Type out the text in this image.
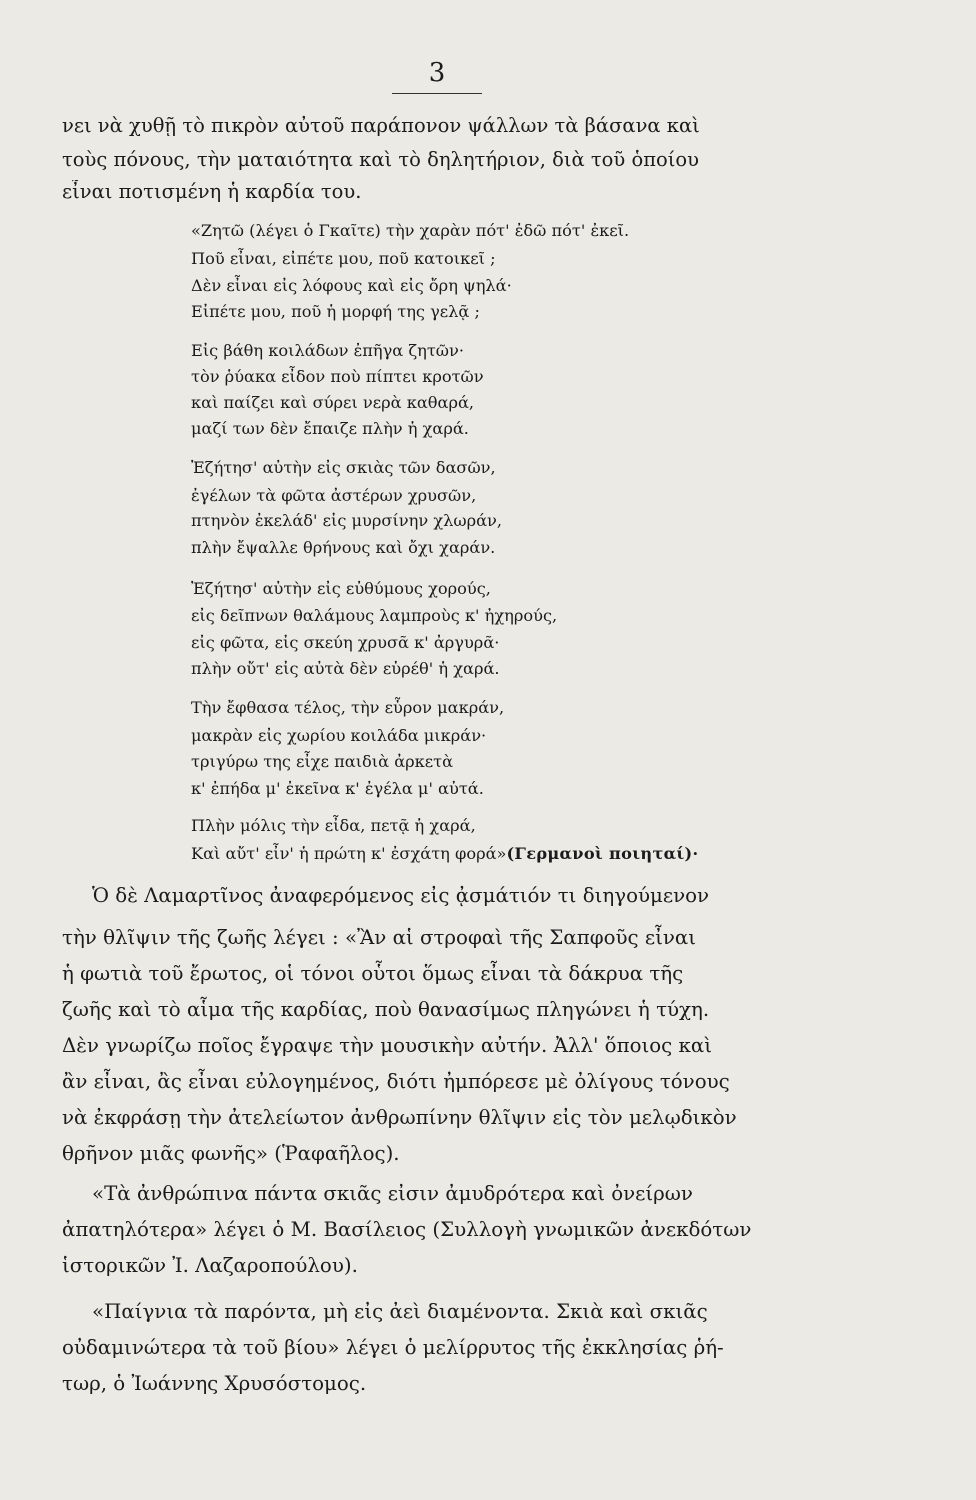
3
νει νὰ χυθῇ τὸ πικρὸν αὐτοῦ παράπονον ψάλλων τὰ βάσανα καὶ
τοὺς πόνους, τὴν ματαιότητα καὶ τὸ δηλητήριον, διὰ τοῦ ὁποίου
εἶναι ποτισμένη ἡ καρδία του.
«Ζητῶ (λέγει ὁ Γκαῖτε) τὴν χαρὰν πότ' ἐδῶ πότ' ἐκεῖ.
Ποῦ εἶναι, εἰπέτε μου, ποῦ κατοικεῖ ;
Δὲν εἶναι εἰς λόφους καὶ εἰς ὄρη ψηλά·
Εἰπέτε μου, ποῦ ἡ μορφή της γελᾷ ;
Εἰς βάθη κοιλάδων ἐπῆγα ζητῶν·
τὸν ῥύακα εἶδον ποὺ πίπτει κροτῶν
καὶ παίζει καὶ σύρει νερὰ καθαρά,
μαζί των δὲν ἔπαιζε πλὴν ἡ χαρά.
Ἐζήτησ' αὐτὴν εἰς σκιὰς τῶν δασῶν,
ἐγέλων τὰ φῶτα ἀστέρων χρυσῶν,
πτηνὸν ἐκελάδ' εἰς μυρσίνην χλωράν,
πλὴν ἔψαλλε θρήνους καὶ ὄχι χαράν.
Ἐζήτησ' αὐτὴν εἰς εὐθύμους χορούς,
εἰς δεῖπνων θαλάμους λαμπροὺς κ' ἠχηρούς,
εἰς φῶτα, εἰς σκεύη χρυσᾶ κ' ἀργυρᾶ·
πλὴν οὔτ' εἰς αὐτὰ δὲν εὑρέθ' ἡ χαρά.
Τὴν ἔφθασα τέλος, τὴν εὗρον μακράν,
μακρὰν εἰς χωρίου κοιλάδα μικράν·
τριγύρω της εἶχε παιδιὰ ἀρκετὰ
κ' ἐπήδα μ' ἐκεῖνα κ' ἐγέλα μ' αὐτά.
Πλὴν μόλις τὴν εἶδα, πετᾷ ἡ χαρά,
Καὶ αὔτ' εἶν' ἡ πρώτη κ' ἐσχάτη φορά»(Γερμανοὶ ποιηταί)·
Ὁ δὲ Λαμαρτῖνος ἀναφερόμενος εἰς ᾀσμάτιόν τι διηγούμενον
τὴν θλῖψιν τῆς ζωῆς λέγει : «Ἂν αἱ στροφαὶ τῆς Σαπφοῦς εἶναι
ἡ φωτιὰ τοῦ ἔρωτος, οἱ τόνοι οὗτοι ὅμως εἶναι τὰ δάκρυα τῆς
ζωῆς καὶ τὸ αἷμα τῆς καρδίας, ποὺ θανασίμως πληγώνει ἡ τύχη.
Δὲν γνωρίζω ποῖος ἔγραψε τὴν μουσικὴν αὐτήν. Ἀλλ' ὅποιος καὶ
ἂν εἶναι, ἂς εἶναι εὐλογημένος, διότι ἠμπόρεσε μὲ ὀλίγους τόνους
νὰ ἐκφράσῃ τὴν ἀτελείωτον ἀνθρωπίνην θλῖψιν εἰς τὸν μελῳδικὸν
θρῆνον μιᾶς φωνῆς» (Ῥαφαῆλος).
«Τὰ ἀνθρώπινα πάντα σκιᾶς εἰσιν ἀμυδρότερα καὶ ὀνείρων
ἀπατηλότερα» λέγει ὁ Μ. Βασίλειος (Συλλογὴ γνωμικῶν ἀνεκδότων
ἱστορικῶν Ἰ. Λαζαροπούλου).
«Παίγνια τὰ παρόντα, μὴ εἰς ἀεὶ διαμένοντα. Σκιὰ καὶ σκιᾶς
οὐδαμινώτερα τὰ τοῦ βίου» λέγει ὁ μελίρρυτος τῆς ἐκκλησίας ῥή-
τωρ, ὁ Ἰωάννης Χρυσόστομος.
